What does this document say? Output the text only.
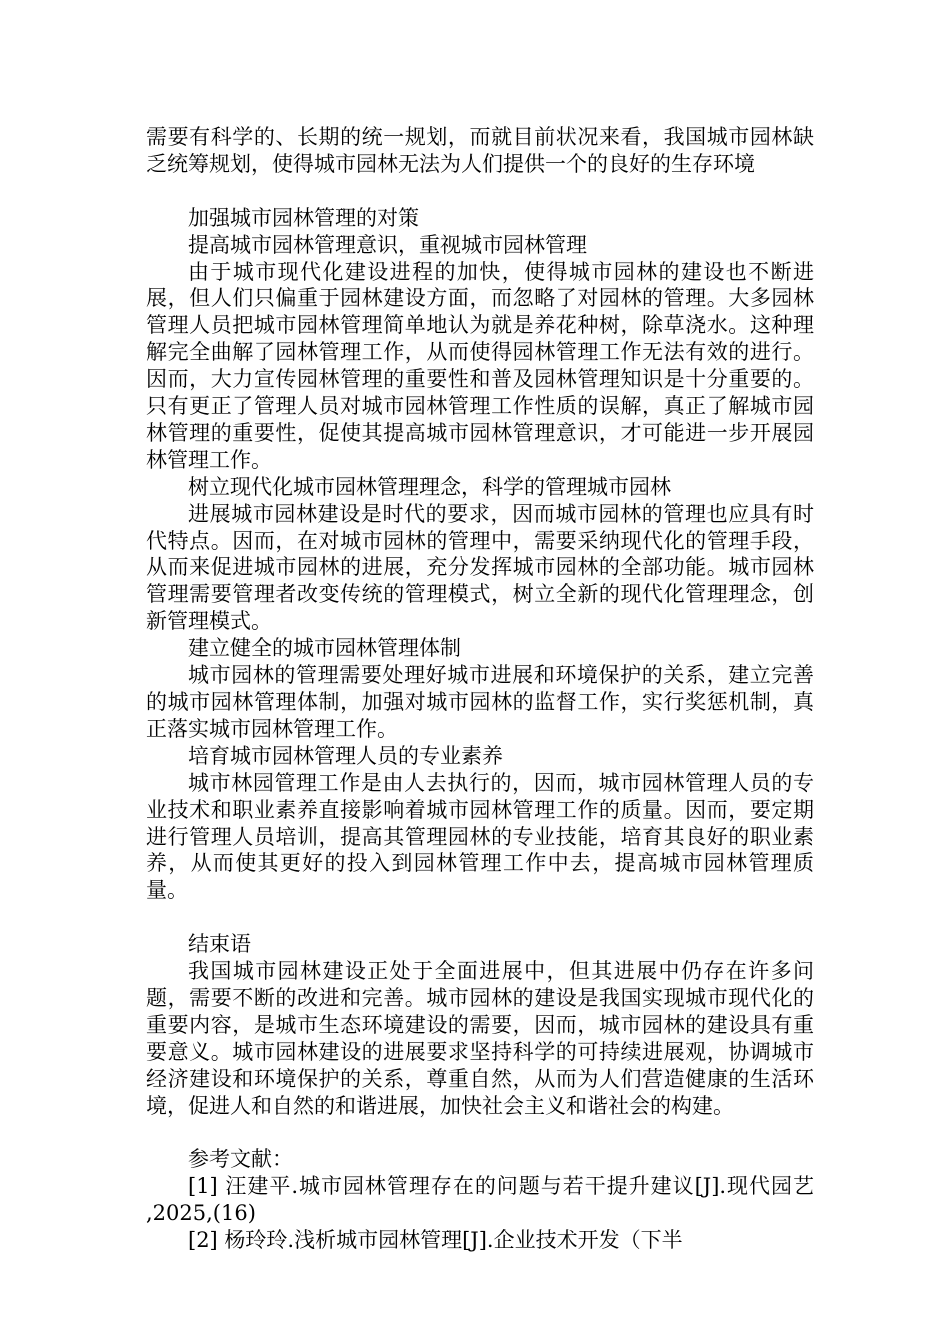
需要有科学的、长期的统一规划，而就目前状况来看，我国城市园林缺乏统筹规划，使得城市园林无法为人们提供一个的良好的生存环境

加强城市园林管理的对策

提高城市园林管理意识，重视城市园林管理

由于城市现代化建设进程的加快，使得城市园林的建设也不断进展，但人们只偏重于园林建设方面，而忽略了对园林的管理。大多园林管理人员把城市园林管理简单地认为就是养花种树，除草浇水。这种理解完全曲解了园林管理工作，从而使得园林管理工作无法有效的进行。因而，大力宣传园林管理的重要性和普及园林管理知识是十分重要的。只有更正了管理人员对城市园林管理工作性质的误解，真正了解城市园林管理的重要性，促使其提高城市园林管理意识，才可能进一步开展园林管理工作。

树立现代化城市园林管理理念，科学的管理城市园林

进展城市园林建设是时代的要求，因而城市园林的管理也应具有时代特点。因而，在对城市园林的管理中，需要采纳现代化的管理手段，从而来促进城市园林的进展，充分发挥城市园林的全部功能。城市园林管理需要管理者改变传统的管理模式，树立全新的现代化管理理念，创新管理模式。

建立健全的城市园林管理体制

城市园林的管理需要处理好城市进展和环境保护的关系，建立完善的城市园林管理体制，加强对城市园林的监督工作，实行奖惩机制，真正落实城市园林管理工作。

培育城市园林管理人员的专业素养

城市林园管理工作是由人去执行的，因而，城市园林管理人员的专业技术和职业素养直接影响着城市园林管理工作的质量。因而，要定期进行管理人员培训，提高其管理园林的专业技能，培育其良好的职业素养，从而使其更好的投入到园林管理工作中去，提高城市园林管理质量。

结束语

我国城市园林建设正处于全面进展中，但其进展中仍存在许多问题，需要不断的改进和完善。城市园林的建设是我国实现城市现代化的重要内容，是城市生态环境建设的需要，因而，城市园林的建设具有重要意义。城市园林建设的进展要求坚持科学的可持续进展观，协调城市经济建设和环境保护的关系，尊重自然，从而为人们营造健康的生活环境，促进人和自然的和谐进展，加快社会主义和谐社会的构建。

参考文献：

[1] 汪建平.城市园林管理存在的问题与若干提升建议[J].现代园艺 ,2025,(16)

[2] 杨玲玲.浅析城市园林管理[J].企业技术开发（下半
